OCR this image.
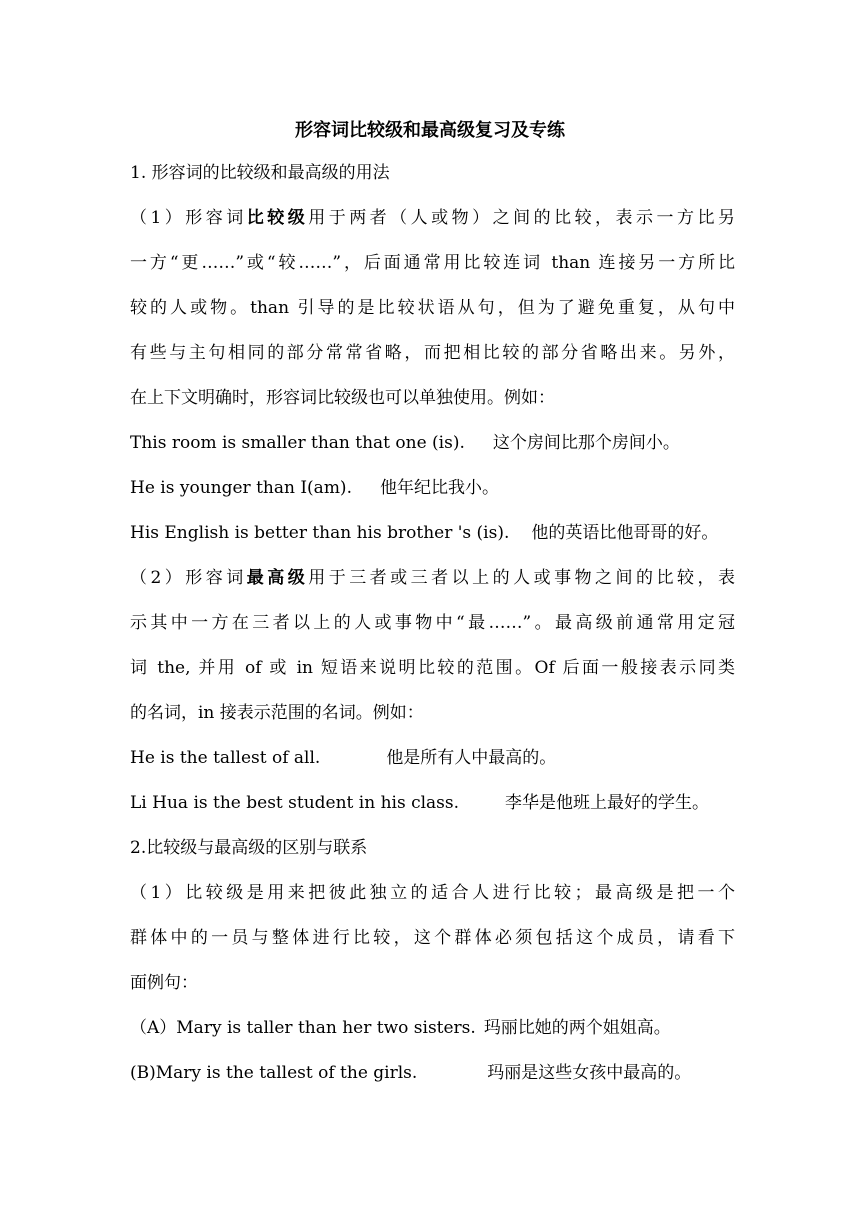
形容词比较级和最高级复习及专练
1. 形容词的比较级和最高级的用法
（1）形容词比较级用于两者（人或物）之间的比较，表示一方比另
一方“更……”或“较……”，后面通常用比较连词 than 连接另一方所比
较的人或物。than 引导的是比较状语从句，但为了避免重复，从句中
有些与主句相同的部分常常省略，而把相比较的部分省略出来。另外，
在上下文明确时，形容词比较级也可以单独使用。例如：
This room is smaller than that one (is). 这个房间比那个房间小。
He is younger than I(am). 他年纪比我小。
His English is better than his brother 's (is). 他的英语比他哥哥的好。
（2）形容词最高级用于三者或三者以上的人或事物之间的比较，表
示其中一方在三者以上的人或事物中“最……”。最高级前通常用定冠
词 the, 并用 of 或 in 短语来说明比较的范围。Of 后面一般接表示同类
的名词，in 接表示范围的名词。例如：
He is the tallest of all.	他是所有人中最高的。
Li Hua is the best student in his class.	李华是他班上最好的学生。
2.比较级与最高级的区别与联系
（1）比较级是用来把彼此独立的适合人进行比较；最高级是把一个
群体中的一员与整体进行比较，这个群体必须包括这个成员，请看下
面例句：
（A）Mary is taller than her two sisters. 玛丽比她的两个姐姐高。
(B)Mary is the tallest of the girls.	玛丽是这些女孩中最高的。
